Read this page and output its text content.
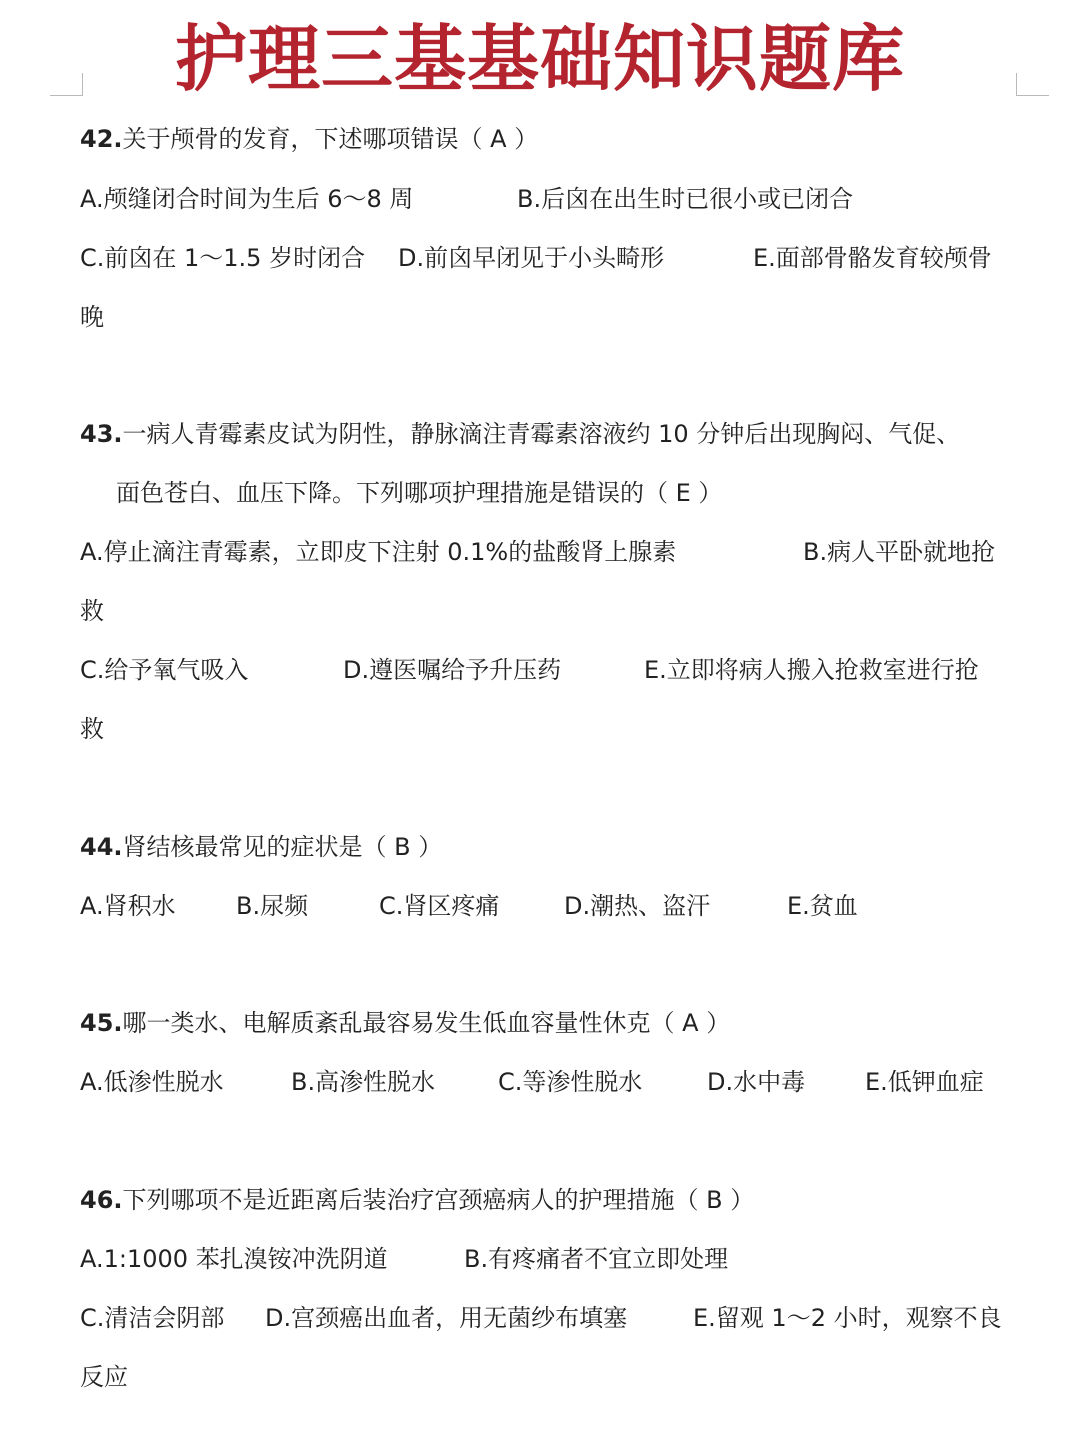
护理三基基础知识题库
42.关于颅骨的发育，下述哪项错误（ A ）
A.颅缝闭合时间为生后 6～8 周	B.后囟在出生时已很小或已闭合
C.前囟在 1～1.5 岁时闭合 D.前囟早闭见于小头畸形	E.面部骨骼发育较颅骨
晚
43.一病人青霉素皮试为阴性，静脉滴注青霉素溶液约 10 分钟后出现胸闷、气促、
面色苍白、血压下降。下列哪项护理措施是错误的（ E ）
A.停止滴注青霉素，立即皮下注射 0.1%的盐酸肾上腺素	B.病人平卧就地抢
救
C.给予氧气吸入	D.遵医嘱给予升压药	E.立即将病人搬入抢救室进行抢
救
44.肾结核最常见的症状是（ B ）
A.肾积水	B.尿频	C.肾区疼痛	D.潮热、盗汗	E.贫血
45.哪一类水、电解质紊乱最容易发生低血容量性休克（ A ）
A.低渗性脱水	B.高渗性脱水	C.等渗性脱水	D.水中毒 E.低钾血症
46.下列哪项不是近距离后装治疗宫颈癌病人的护理措施（ B ）
A.1:1000 苯扎溴铵冲洗阴道	B.有疼痛者不宜立即处理
C.清洁会阴部 D.宫颈癌出血者，用无菌纱布填塞	E.留观 1～2 小时，观察不良
反应
